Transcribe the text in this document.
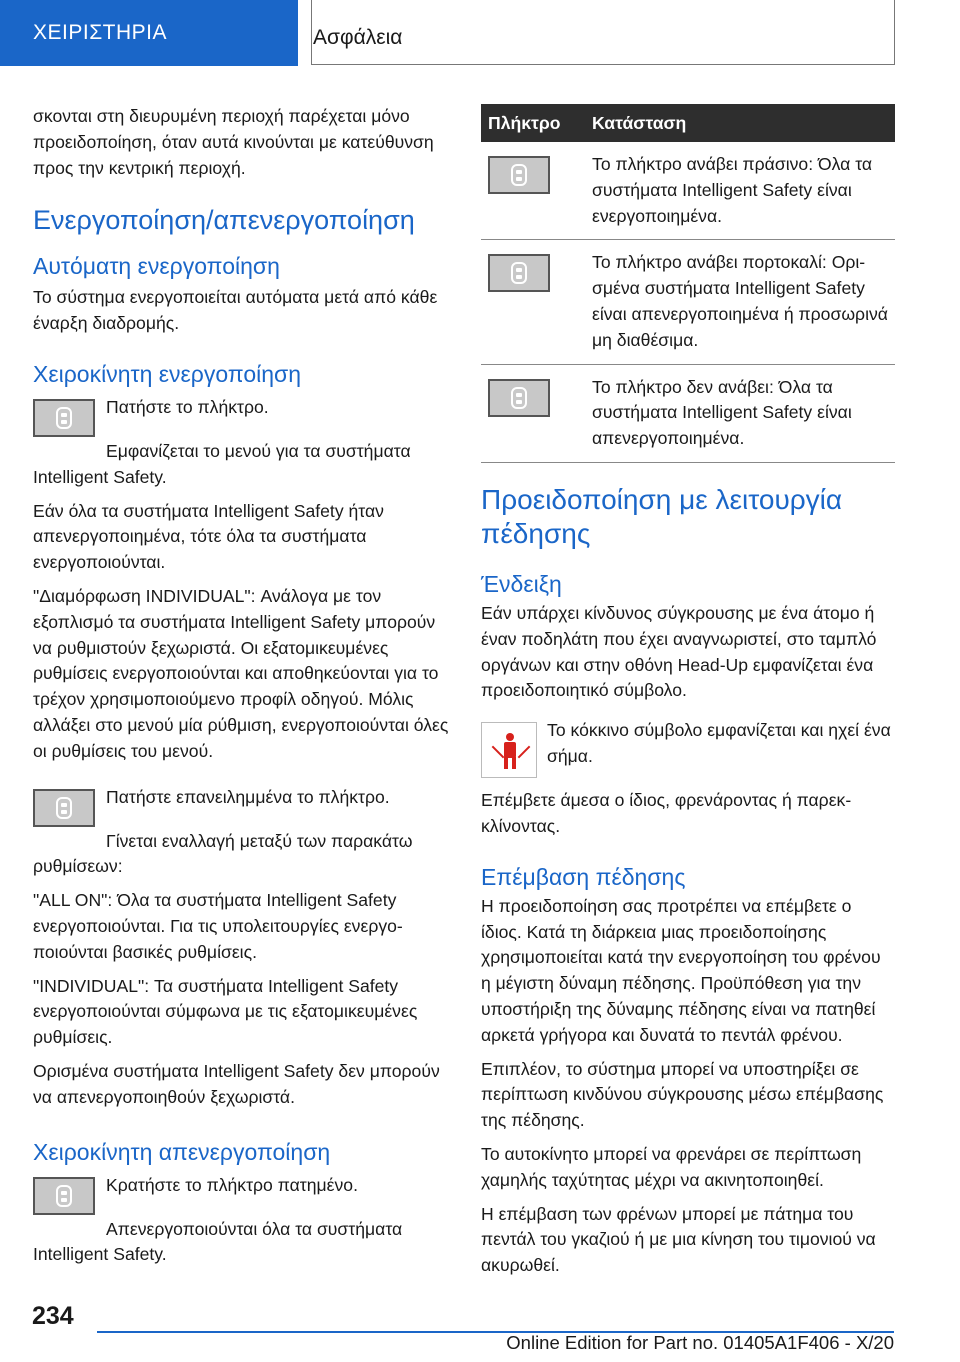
ΧΕΙΡΙΣΤΗΡΙΑ	Ασφάλεια

σκονται στη διευρυμένη περιοχή παρέχεται μόνο προειδοποίηση, όταν αυτά κινούνται με κατεύθυνση προς την κεντρική περιοχή.

Ενεργοποίηση/απενεργοποίηση
Αυτόματη ενεργοποίηση

Το σύστημα ενεργοποιείται αυτόματα μετά από κάθε έναρξη διαδρομής.

Χειροκίνητη ενεργοποίηση

Πατήστε το πλήκτρο.

Εμφανίζεται το μενού για τα συστήματα Intelligent Safety.

Εάν όλα τα συστήματα Intelligent Safety ήταν απενεργοποιημένα, τότε όλα τα συστήματα ενεργοποιούνται.

"Διαμόρφωση INDIVIDUAL": Ανάλογα με τον εξοπλισμό τα συστήματα Intelligent Safety μπορούν να ρυθμιστούν ξεχωριστά. Οι εξατομικευμένες ρυθμίσεις ενεργοποιούνται και αποθηκεύονται για το τρέχον χρησιμοποιούμενο προφίλ οδηγού. Μόλις αλλάξει στο μενού μία ρύθμιση, ενεργοποιούνται όλες οι ρυθμίσεις του μενού.

Πατήστε επανειλημμένα το πλήκτρο.

Γίνεται εναλλαγή μεταξύ των παρακάτω ρυθμίσεων:

"ALL ON": Όλα τα συστήματα Intelligent Safety ενεργοποιούνται. Για τις υπολειτουργίες ενεργοποιούνται βασικές ρυθμίσεις.

"INDIVIDUAL": Τα συστήματα Intelligent Safety ενεργοποιούνται σύμφωνα με τις εξατομικευμένες ρυθμίσεις.

Ορισμένα συστήματα Intelligent Safety δεν μπορούν να απενεργοποιηθούν ξεχωριστά.

Χειροκίνητη απενεργοποίηση

Κρατήστε το πλήκτρο πατημένο.

Απενεργοποιούνται όλα τα συστήματα Intelligent Safety.

Πλήκτρο	Κατάσταση

	Το πλήκτρο ανάβει πράσινο: Όλα τα συστήματα Intelligent Safety είναι ενεργοποιημένα.

	Το πλήκτρο ανάβει πορτοκαλί: Ορισμένα συστήματα Intelligent Safety είναι απενεργοποιημένα ή προσωρινά μη διαθέσιμα.

	Το πλήκτρο δεν ανάβει: Όλα τα συστήματα Intelligent Safety είναι απενεργοποιημένα.
Προειδοποίηση με λειτουργία πέδησης
Ένδειξη

Εάν υπάρχει κίνδυνος σύγκρουσης με ένα άτομο ή έναν ποδηλάτη που έχει αναγνωριστεί, στο ταμπλό οργάνων και στην οθόνη Head-Up εμφανίζεται ένα προειδοποιητικό σύμβολο.

Το κόκκινο σύμβολο εμφανίζεται και ηχεί ένα σήμα.

Επέμβετε άμεσα ο ίδιος, φρενάροντας ή παρεκκλίνοντας.

Επέμβαση πέδησης

Η προειδοποίηση σας προτρέπει να επέμβετε ο ίδιος. Κατά τη διάρκεια μιας προειδοποίησης χρησιμοποιείται κατά την ενεργοποίηση του φρένου η μέγιστη δύναμη πέδησης. Προϋπόθεση για την υποστήριξη της δύναμης πέδησης είναι να πατηθεί αρκετά γρήγορα και δυνατά το πεντάλ φρένου.

Επιπλέον, το σύστημα μπορεί να υποστηρίξει σε περίπτωση κινδύνου σύγκρουσης μέσω επέμβασης της πέδησης.

Το αυτοκίνητο μπορεί να φρενάρει σε περίπτωση χαμηλής ταχύτητας μέχρι να ακινητοποιηθεί.

Η επέμβαση των φρένων μπορεί με πάτημα του πεντάλ του γκαζιού ή με μια κίνηση του τιμονιού να ακυρωθεί.

234
Online Edition for Part no. 01405A1F406 - X/20
